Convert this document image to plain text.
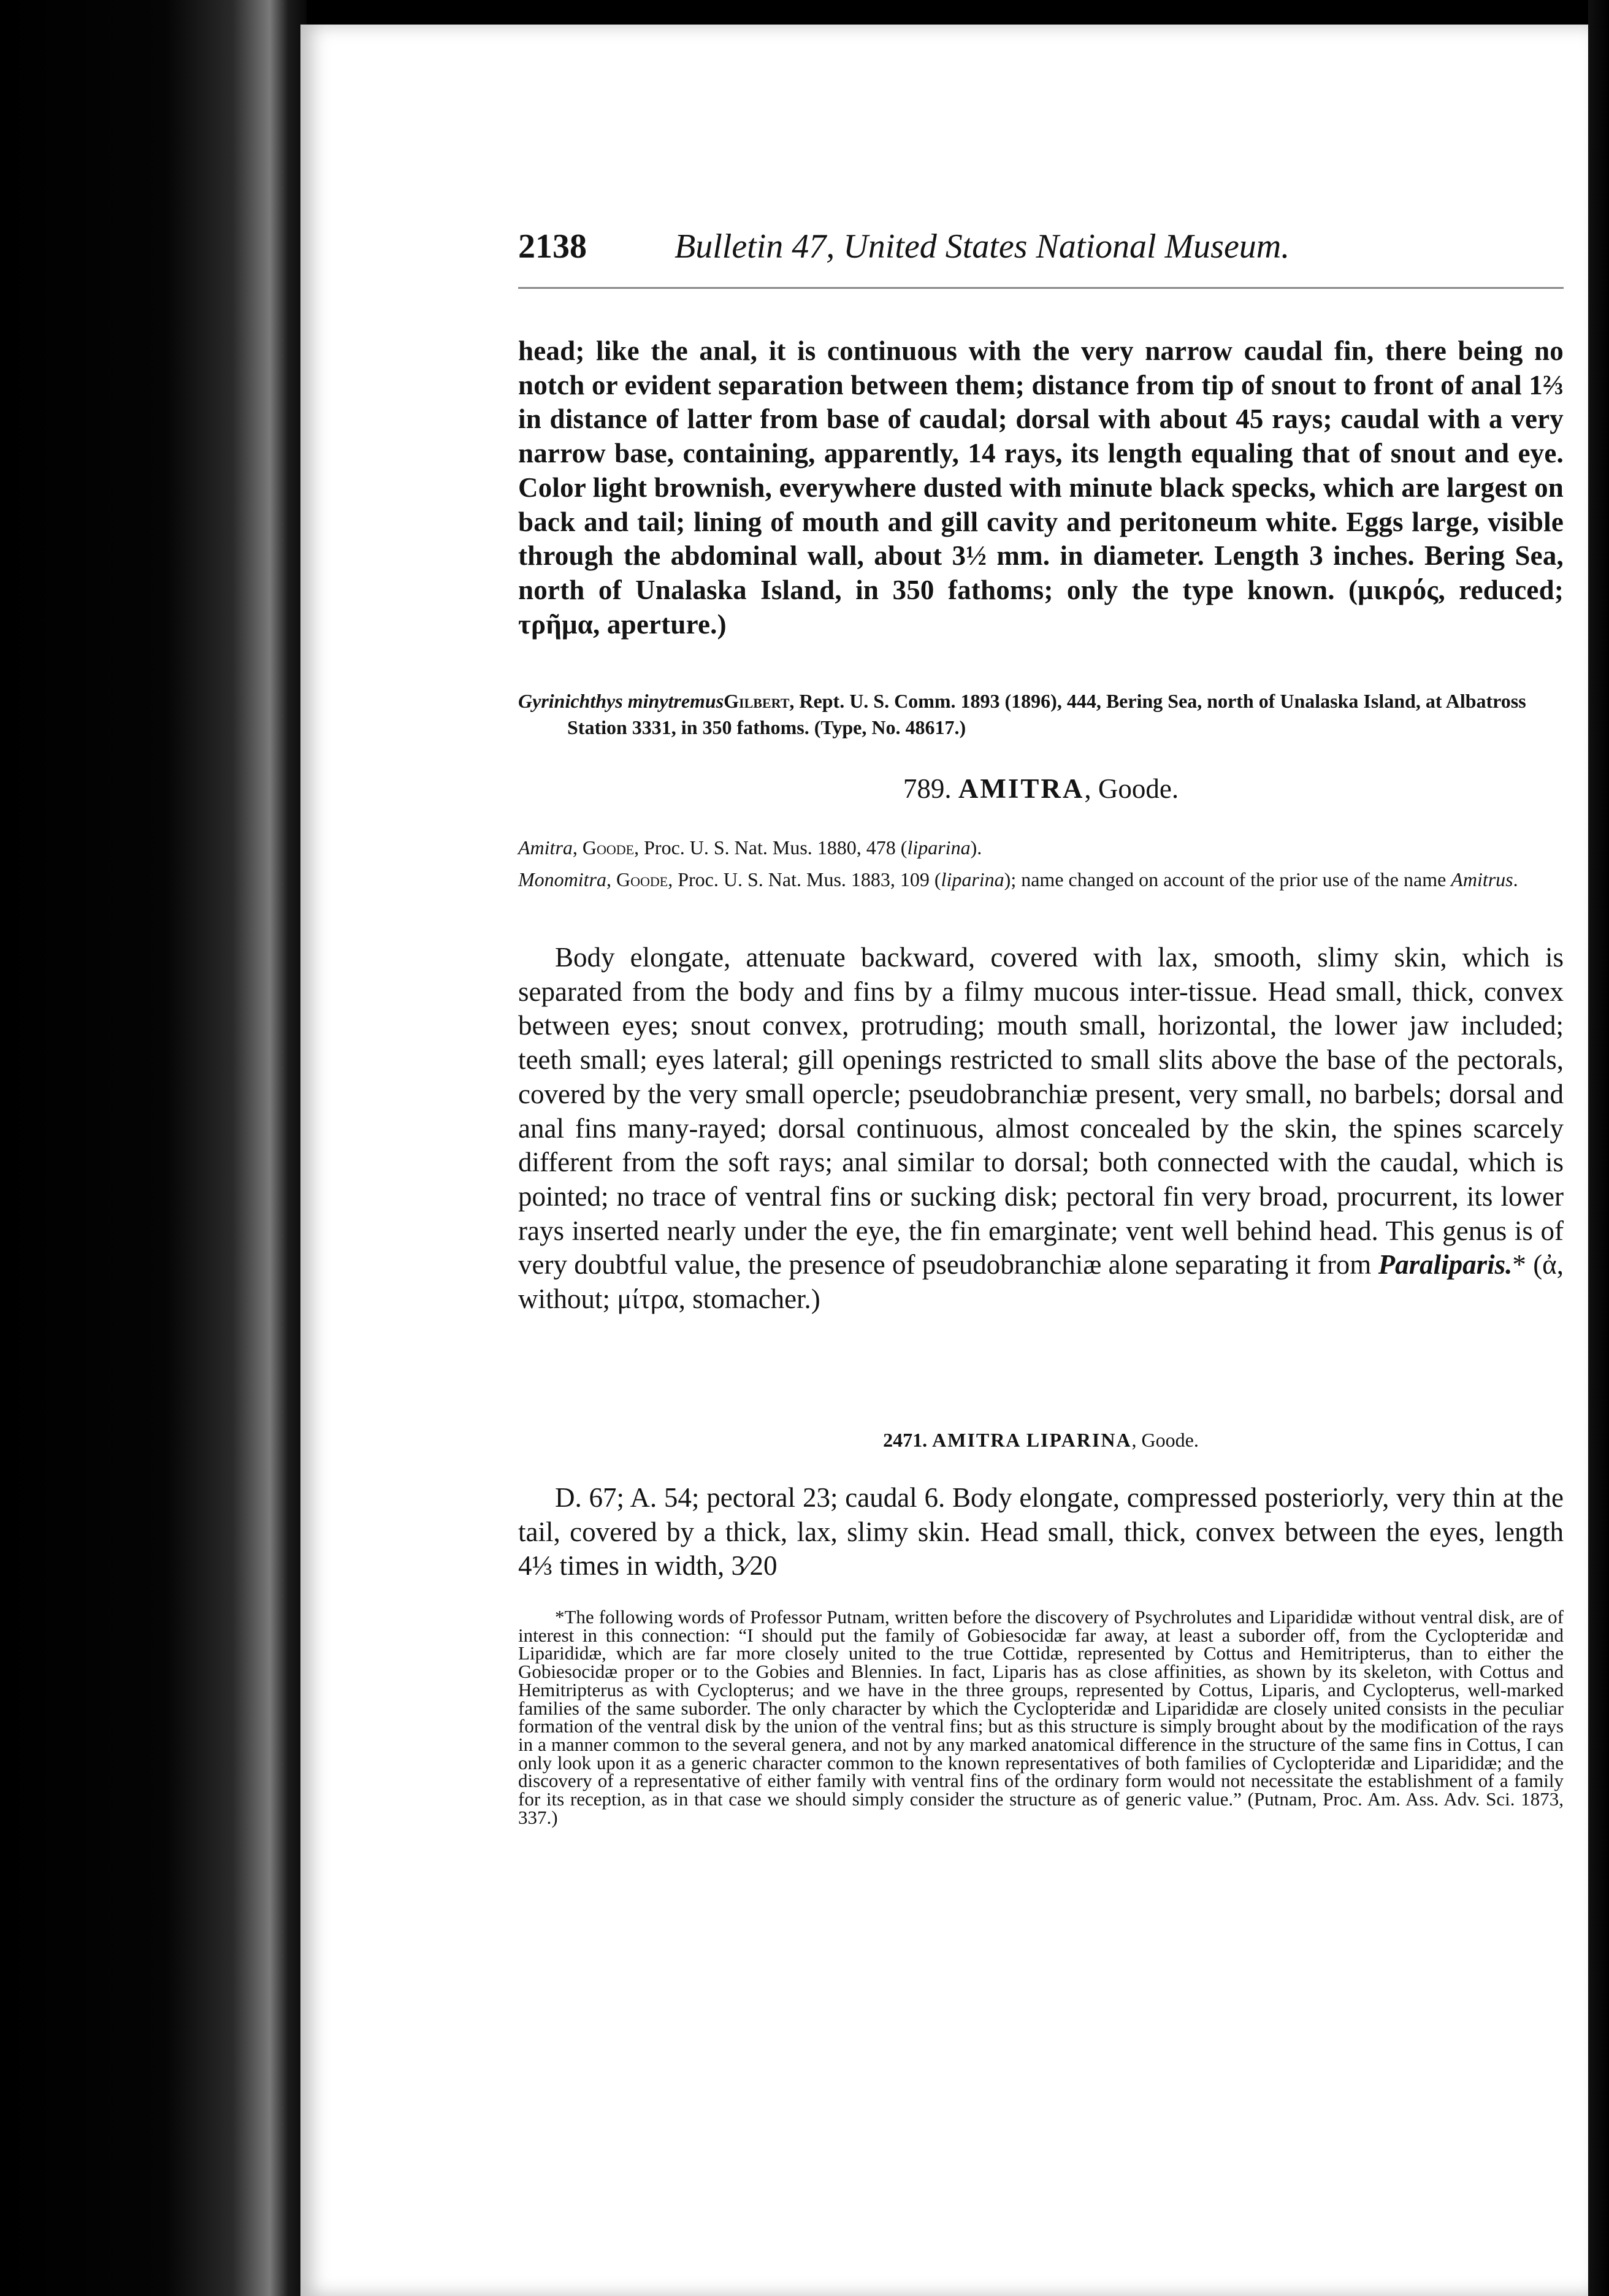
2138	Bulletin 47, United States National Museum.

head; like the anal, it is continuous with the very narrow caudal fin, there being no notch or evident separation between them; distance from tip of snout to front of anal 1⅔ in distance of latter from base of caudal; dorsal with about 45 rays; caudal with a very narrow base, containing, apparently, 14 rays, its length equaling that of snout and eye. Color light brownish, everywhere dusted with minute black specks, which are largest on back and tail; lining of mouth and gill cavity and peritoneum white. Eggs large, visible through the abdominal wall, about 3½ mm. in diameter. Length 3 inches. Bering Sea, north of Unalaska Island, in 350 fathoms; only the type known. (μικρός, reduced; τρῆμα, aperture.)

Gyrinichthys minytremusGilbert, Rept. U. S. Comm. 1893 (1896), 444, Bering Sea, north of Unalaska Island, at Albatross Station 3331, in 350 fathoms. (Type, No. 48617.)
789. AMITRA, Goode.
Amitra, Goode, Proc. U. S. Nat. Mus. 1880, 478 (liparina).
Monomitra, Goode, Proc. U. S. Nat. Mus. 1883, 109 (liparina); name changed on account of the prior use of the name Amitrus.

Body elongate, attenuate backward, covered with lax, smooth, slimy skin, which is separated from the body and fins by a filmy mucous inter-tissue. Head small, thick, convex between eyes; snout convex, protruding; mouth small, horizontal, the lower jaw included; teeth small; eyes lateral; gill openings restricted to small slits above the base of the pectorals, covered by the very small opercle; pseudobranchiæ present, very small, no barbels; dorsal and anal fins many-rayed; dorsal continuous, almost concealed by the skin, the spines scarcely different from the soft rays; anal similar to dorsal; both connected with the caudal, which is pointed; no trace of ventral fins or sucking disk; pectoral fin very broad, procurrent, its lower rays inserted nearly under the eye, the fin emarginate; vent well behind head. This genus is of very doubtful value, the presence of pseudobranchiæ alone separating it from Paraliparis.* (ἀ, without; μίτρα, stomacher.)

2471. AMITRA LIPARINA, Goode.

D. 67; A. 54; pectoral 23; caudal 6. Body elongate, compressed posteriorly, very thin at the tail, covered by a thick, lax, slimy skin. Head small, thick, convex between the eyes, length 4⅓ times in width, 3⁄20

*The following words of Professor Putnam, written before the discovery of Psychrolutes and Liparididæ without ventral disk, are of interest in this connection: “I should put the family of Gobiesocidæ far away, at least a suborder off, from the Cyclopteridæ and Liparididæ, which are far more closely united to the true Cottidæ, represented by Cottus and Hemitripterus, than to either the Gobiesocidæ proper or to the Gobies and Blennies. In fact, Liparis has as close affinities, as shown by its skeleton, with Cottus and Hemitripterus as with Cyclopterus; and we have in the three groups, represented by Cottus, Liparis, and Cyclopterus, well-marked families of the same suborder. The only character by which the Cyclopteridæ and Liparididæ are closely united consists in the peculiar formation of the ventral disk by the union of the ventral fins; but as this structure is simply brought about by the modification of the rays in a manner common to the several genera, and not by any marked anatomical difference in the structure of the same fins in Cottus, I can only look upon it as a generic character common to the known representatives of both families of Cyclopteridæ and Liparididæ; and the discovery of a representative of either family with ventral fins of the ordinary form would not necessitate the establishment of a family for its reception, as in that case we should simply consider the structure as of generic value.” (Putnam, Proc. Am. Ass. Adv. Sci. 1873, 337.)
